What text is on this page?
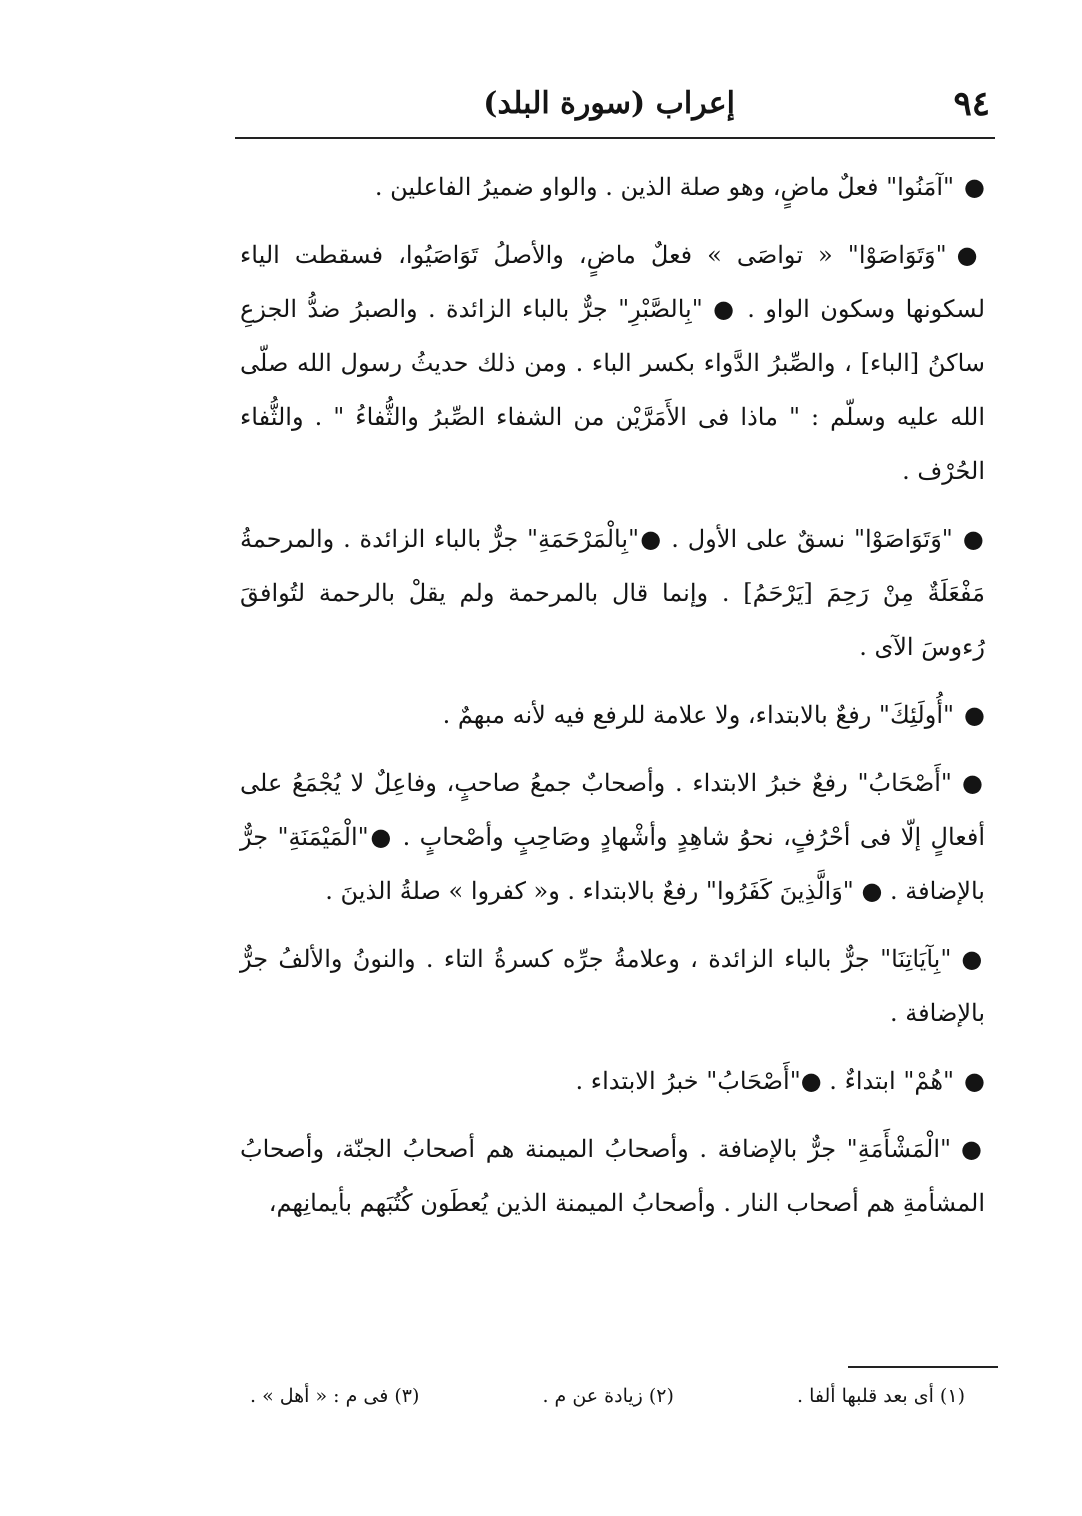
٩٤
إعراب (سورة البلد)

●"آمَنُوا" فعلٌ ماضٍ، وهو صلة الذين . والواو ضميرُ الفاعلين .

●"وَتَوَاصَوْا" « تواصَى » فعلٌ ماضٍ، والأصلُ تَوَاصَيُوا، فسقطت الياء لسكونها وسكون الواو . ● "بِالصَّبْرِ" جرٌّ بالباء الزائدة . والصبرُ ضدُّ الجزعِ ساكنُ [الباء] ، والصِّبرُ الدَّواء بكسر الباء . ومن ذلك حديثُ رسول الله صلّى الله عليه وسلّم : " ماذا فى الأَمَرَّيْن من الشفاء الصِّبرُ والثُّفاءُ " . والثُّفاء الحُرْف .

●"وَتَوَاصَوْا" نسقٌ على الأول . ●"بِالْمَرْحَمَةِ" جرٌّ بالباء الزائدة . والمرحمةُ مَفْعَلَةٌ مِنْ رَحِمَ [يَرْحَمُ] . وإنما قال بالمرحمة ولم يقلْ بالرحمة لتُوافقَ رُءوسَ الآى .

●"أُولَئِكَ" رفعٌ بالابتداء، ولا علامة للرفع فيه لأنه مبهمٌ .

●"أَصْحَابُ" رفعٌ خبرُ الابتداء . وأصحابٌ جمعُ صاحبٍ، وفاعِلٌ لا يُجْمَعُ على أفعالٍ إلّا فى أحْرُفٍ، نحوُ شاهِدٍ وأشْهادٍ وصَاحِبٍ وأصْحابٍ . ●"الْمَيْمَنَةِ" جرٌّ بالإضافة . ● "وَالَّذِينَ كَفَرُوا" رفعٌ بالابتداء . و« كفروا » صلةُ الذينَ .

●"بِآيَاتِنَا" جرٌّ بالباء الزائدة ، وعلامةُ جرِّه كسرةُ التاء . والنونُ والألفُ جرٌّ بالإضافة .

●"هُمْ" ابتداءٌ . ●"أَصْحَابُ" خبرُ الابتداء .

●"الْمَشْأَمَةِ" جرٌّ بالإضافة . وأصحابُ الميمنة هم أصحابُ الجنّة، وأصحابُ المشأمةِ هم أصحاب النار . وأصحابُ الميمنة الذين يُعطَون كُتُبَهم بأيمانِهم،

(١) أى بعد قلبها ألفا .
(٢) زيادة عن م .
(٣) فى م : « أهل » .
